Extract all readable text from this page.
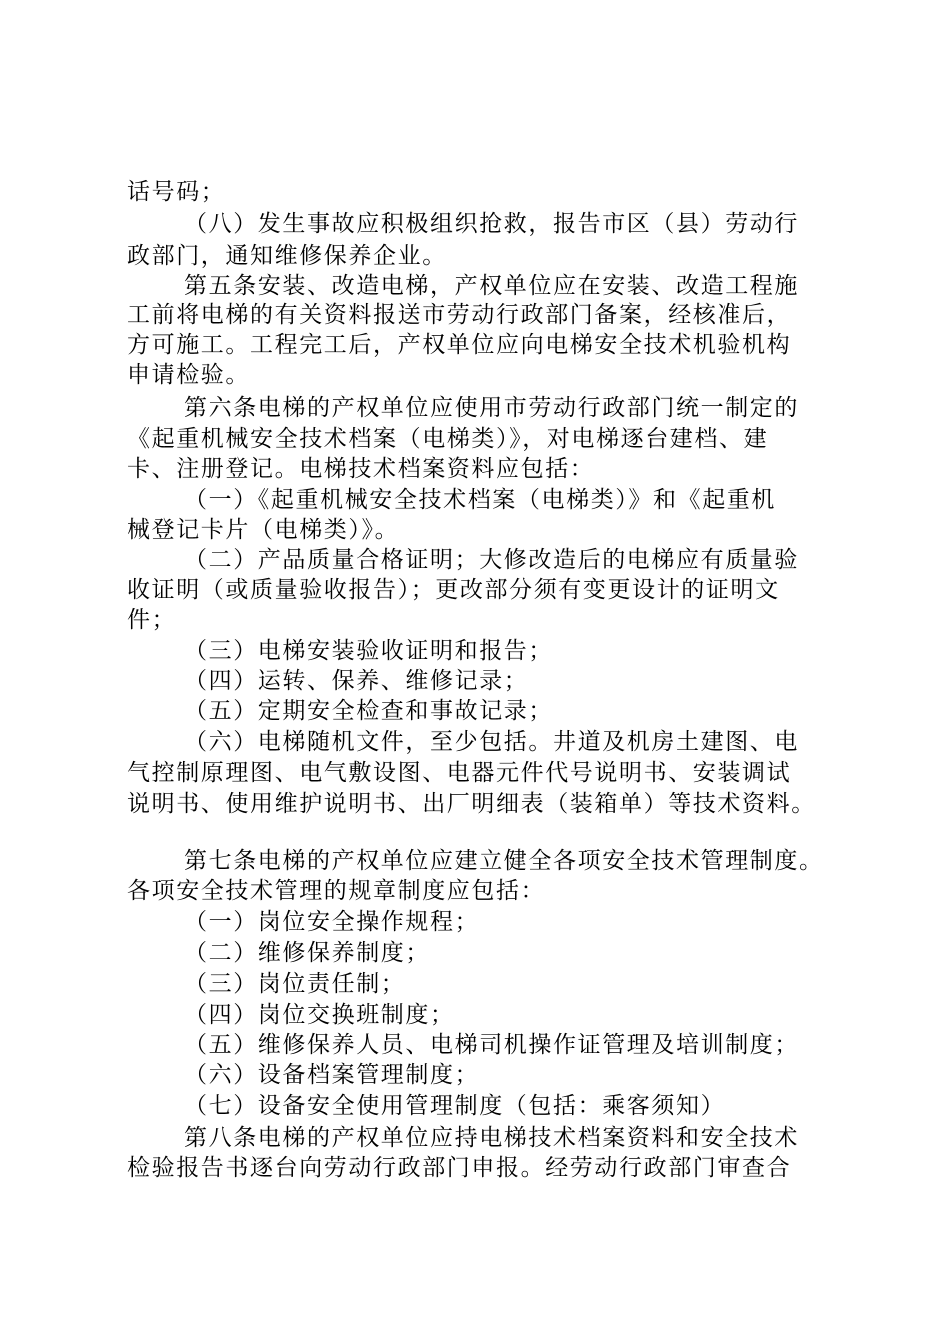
话号码；
（八）发生事故应积极组织抢救，报告市区（县）劳动行
政部门，通知维修保养企业。
第五条安装、改造电梯，产权单位应在安装、改造工程施
工前将电梯的有关资料报送市劳动行政部门备案，经核准后，
方可施工。工程完工后，产权单位应向电梯安全技术机验机构
申请检验。
第六条电梯的产权单位应使用市劳动行政部门统一制定的
《起重机械安全技术档案（电梯类）》，对电梯逐台建档、建
卡、注册登记。电梯技术档案资料应包括：
（一）《起重机械安全技术档案（电梯类）》和《起重机
械登记卡片（电梯类）》。
（二）产品质量合格证明；大修改造后的电梯应有质量验
收证明（或质量验收报告）；更改部分须有变更设计的证明文
件；
（三）电梯安装验收证明和报告；
（四）运转、保养、维修记录；
（五）定期安全检查和事故记录；
（六）电梯随机文件，至少包括。井道及机房土建图、电
气控制原理图、电气敷设图、电器元件代号说明书、安装调试
说明书、使用维护说明书、出厂明细表（装箱单）等技术资料。
第七条电梯的产权单位应建立健全各项安全技术管理制度。
各项安全技术管理的规章制度应包括：
（一）岗位安全操作规程；
（二）维修保养制度；
（三）岗位责任制；
（四）岗位交换班制度；
（五）维修保养人员、电梯司机操作证管理及培训制度；
（六）设备档案管理制度；
（七）设备安全使用管理制度（包括：乘客须知）
第八条电梯的产权单位应持电梯技术档案资料和安全技术
检验报告书逐台向劳动行政部门申报。经劳动行政部门审查合
